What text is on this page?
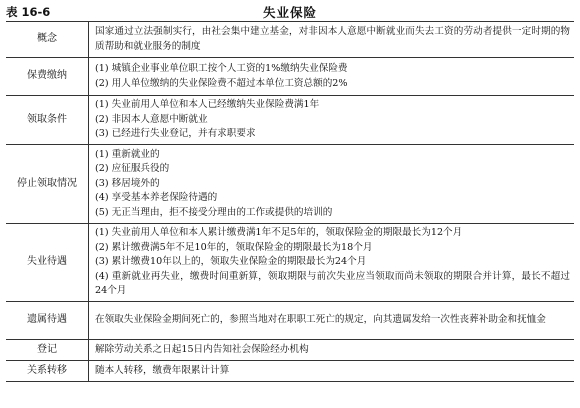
表 16-6	失业保险
概念	国家通过立法强制实行，由社会集中建立基金，对非因本人意愿中断就业而失去工资的劳动者提供一定时期的物质帮助和就业服务的制度

保费缴纳	(1) 城镇企业事业单位职工按个人工资的1%缴纳失业保险费
(2) 用人单位缴纳的失业保险费不超过本单位工资总额的2%

领取条件	(1) 失业前用人单位和本人已经缴纳失业保险费满1年
(2) 非因本人意愿中断就业
(3) 已经进行失业登记，并有求职要求

停止领取情况	(1) 重新就业的
(2) 应征服兵役的
(3) 移居境外的
(4) 享受基本养老保险待遇的
(5) 无正当理由，拒不接受分理由的工作或提供的培训的

失业待遇	(1) 失业前用人单位和本人累计缴费满1年不足5年的，领取保险金的期限最长为12个月
(2) 累计缴费满5年不足10年的，领取保险金的期限最长为18个月
(3) 累计缴费10年以上的，领取失业保险金的期限最长为24个月
(4) 重新就业再失业，缴费时间重新算，领取期限与前次失业应当领取而尚未领取的期限合并计算，最长不超过24个月

遗属待遇	在领取失业保险金期间死亡的，参照当地对在职职工死亡的规定，向其遗属发给一次性丧葬补助金和抚恤金

登记	解除劳动关系之日起15日内告知社会保险经办机构

关系转移	随本人转移，缴费年限累计计算
